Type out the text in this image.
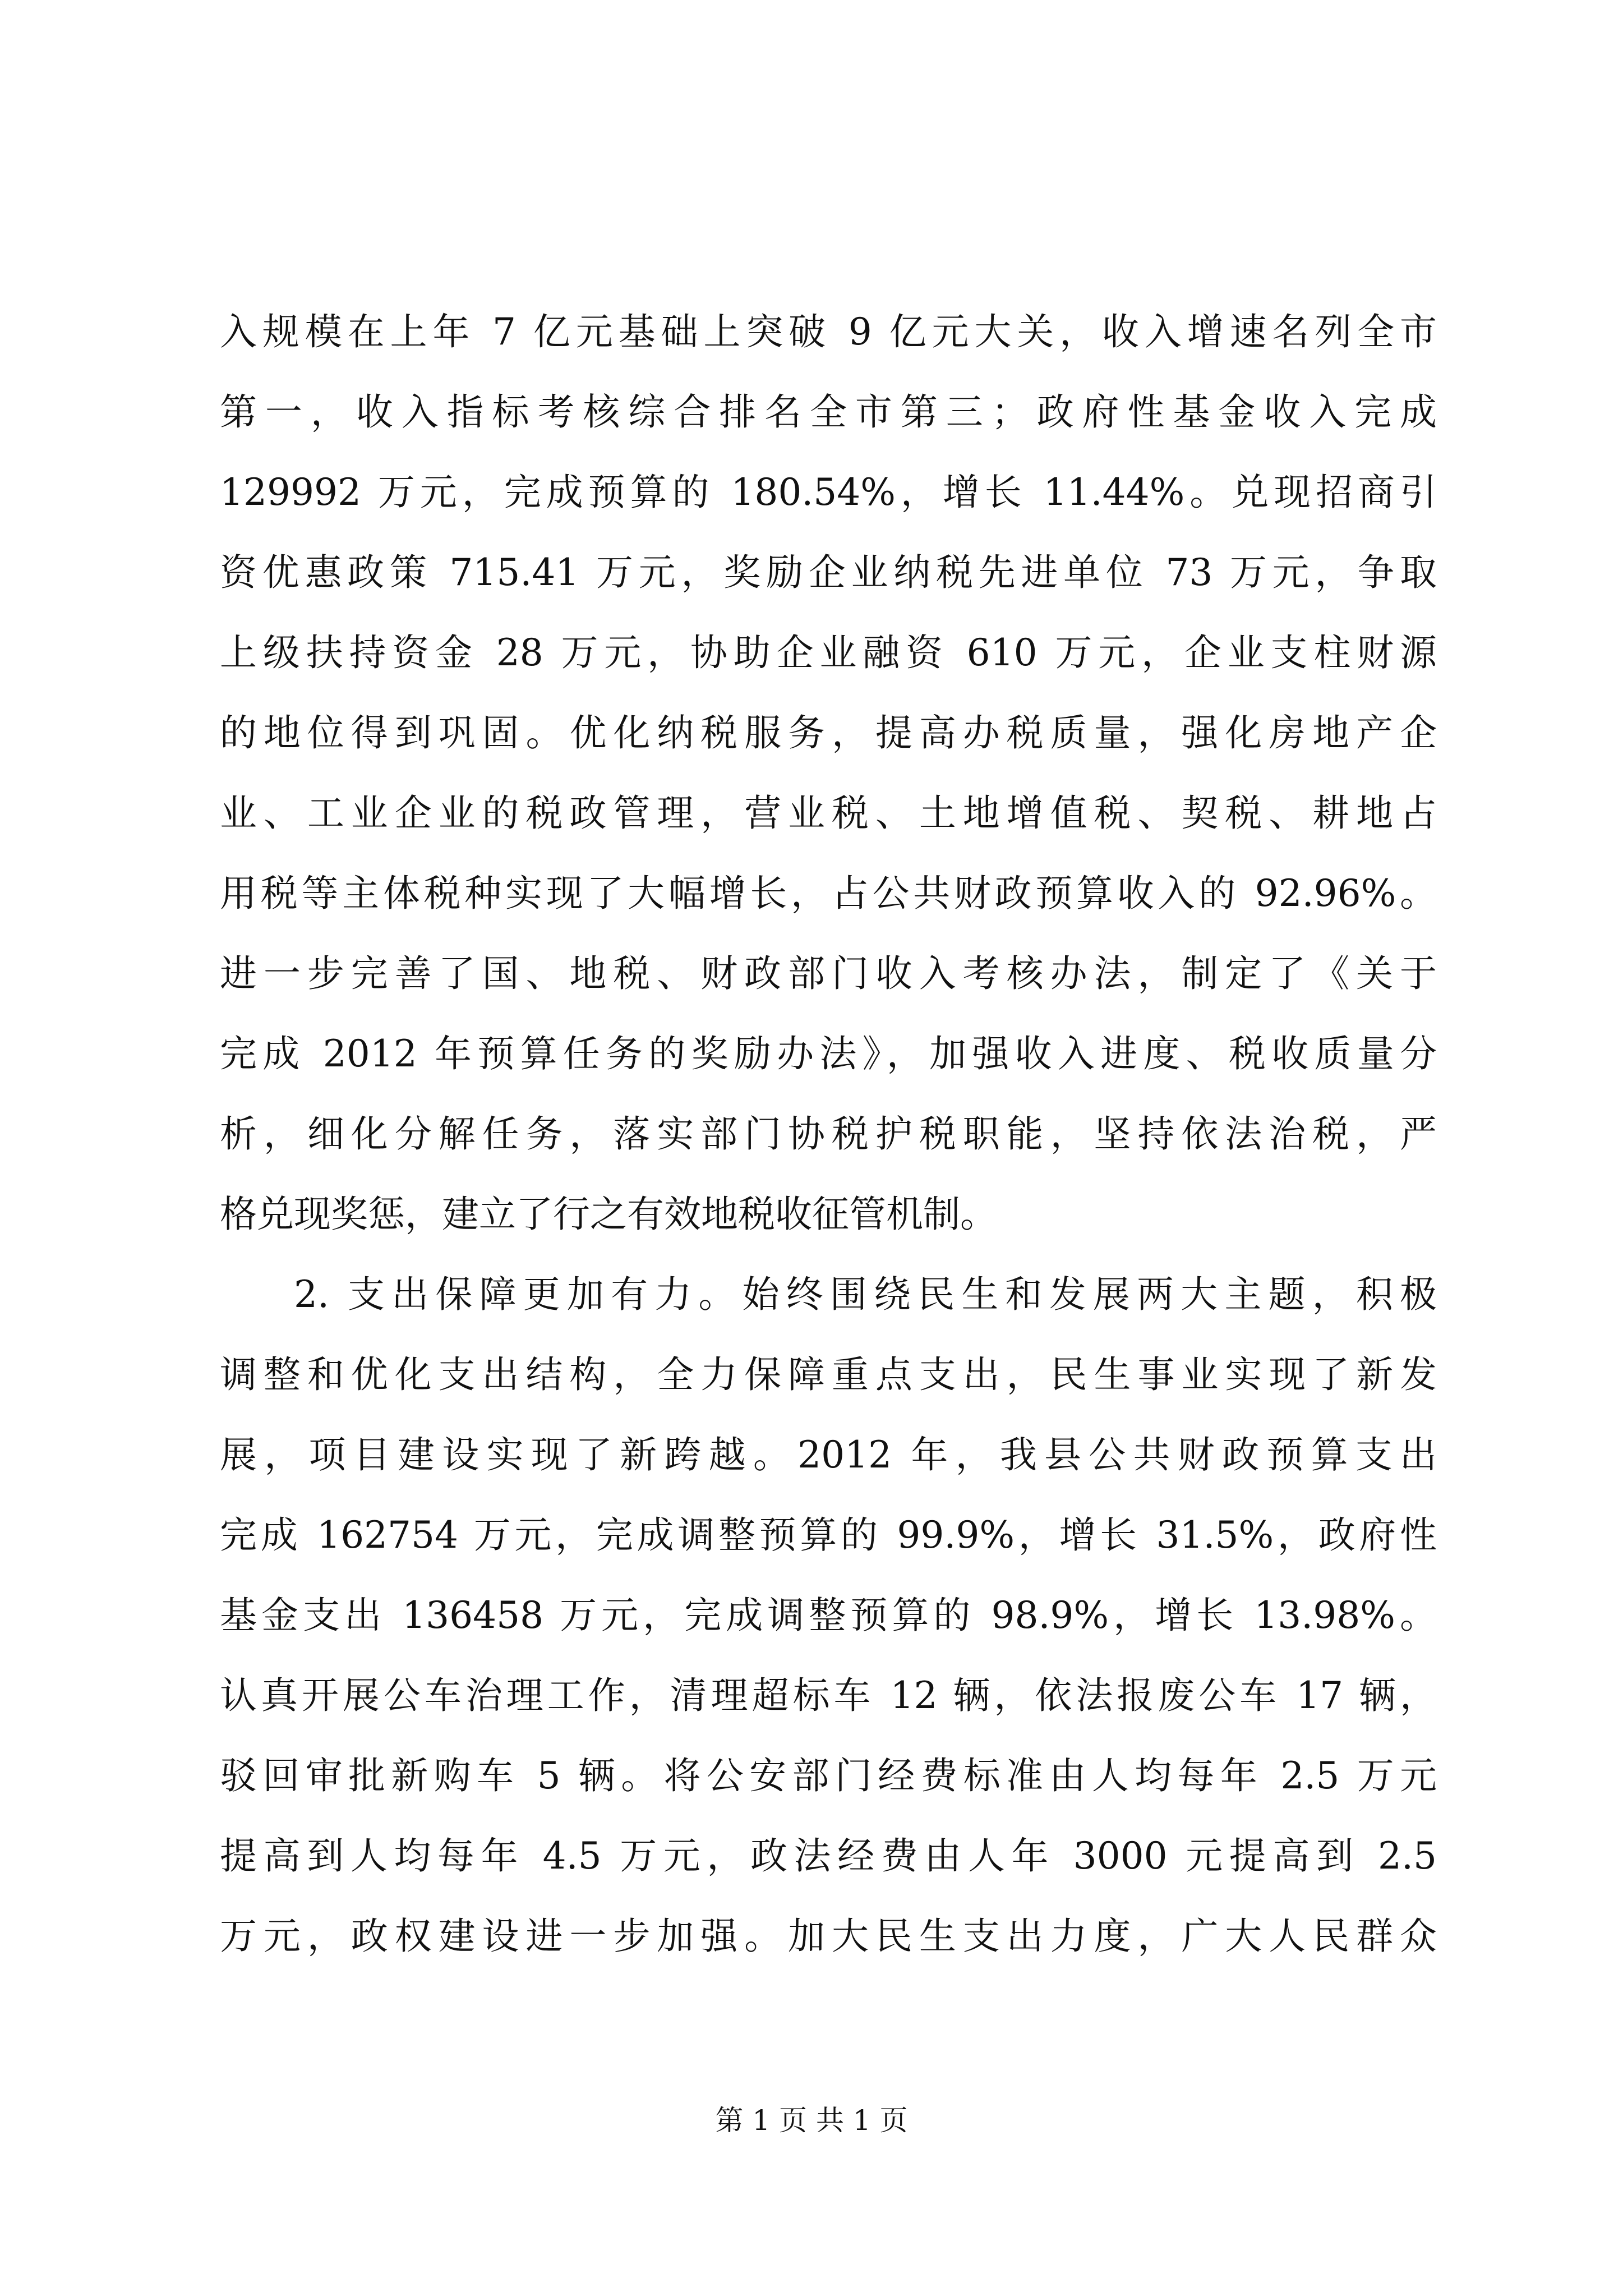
入规模在上年 7 亿元基础上突破 9 亿元大关，收入增速名列全市
第一，收入指标考核综合排名全市第三；政府性基金收入完成
129992 万元，完成预算的 180.54%，增长 11.44%。兑现招商引
资优惠政策 715.41 万元，奖励企业纳税先进单位 73 万元，争取
上级扶持资金 28 万元，协助企业融资 610 万元，企业支柱财源
的地位得到巩固。优化纳税服务，提高办税质量，强化房地产企
业、工业企业的税政管理，营业税、土地增值税、契税、耕地占
用税等主体税种实现了大幅增长，占公共财政预算收入的 92.96%。
进一步完善了国、地税、财政部门收入考核办法，制定了《关于
完成 2012 年预算任务的奖励办法》，加强收入进度、税收质量分
析，细化分解任务，落实部门协税护税职能，坚持依法治税，严
格兑现奖惩，建立了行之有效地税收征管机制。
2. 支出保障更加有力。始终围绕民生和发展两大主题，积极
调整和优化支出结构，全力保障重点支出，民生事业实现了新发
展，项目建设实现了新跨越。2012 年，我县公共财政预算支出
完成 162754 万元，完成调整预算的 99.9%，增长 31.5%，政府性
基金支出 136458 万元，完成调整预算的 98.9%，增长 13.98%。
认真开展公车治理工作，清理超标车 12 辆，依法报废公车 17 辆，
驳回审批新购车 5 辆。将公安部门经费标准由人均每年 2.5 万元
提高到人均每年 4.5 万元，政法经费由人年 3000 元提高到 2.5
万元，政权建设进一步加强。加大民生支出力度，广大人民群众
第 1 页 共 1 页
